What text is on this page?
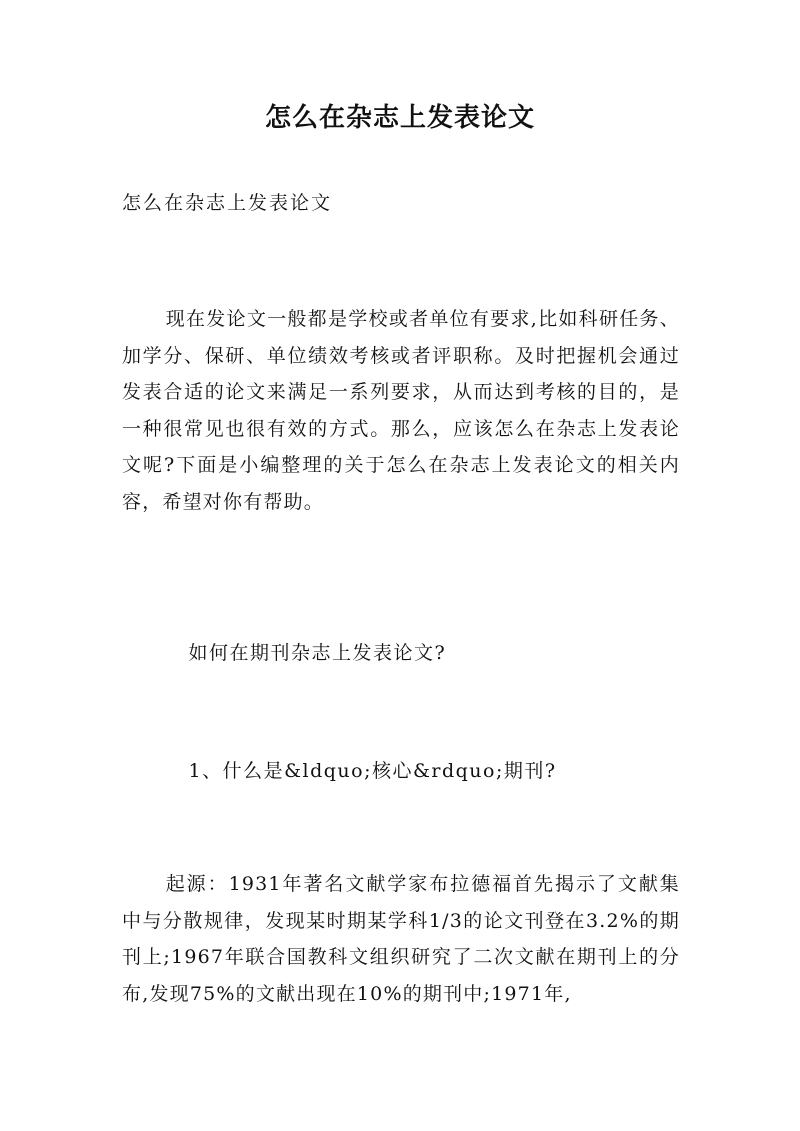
怎么在杂志上发表论文

怎么在杂志上发表论文

现在发论文一般都是学校或者单位有要求,比如科研任务、加学分、保研、单位绩效考核或者评职称。及时把握机会通过发表合适的论文来满足一系列要求，从而达到考核的目的，是一种很常见也很有效的方式。那么，应该怎么在杂志上发表论文呢?下面是小编整理的关于怎么在杂志上发表论文的相关内容，希望对你有帮助。

如何在期刊杂志上发表论文?

1、什么是&ldquo;核心&rdquo;期刊?

起源：1931年著名文献学家布拉德福首先揭示了文献集中与分散规律，发现某时期某学科1/3的论文刊登在3.2%的期刊上;1967年联合国教科文组织研究了二次文献在期刊上的分布,发现75%的文献出现在10%的期刊中;1971年,
